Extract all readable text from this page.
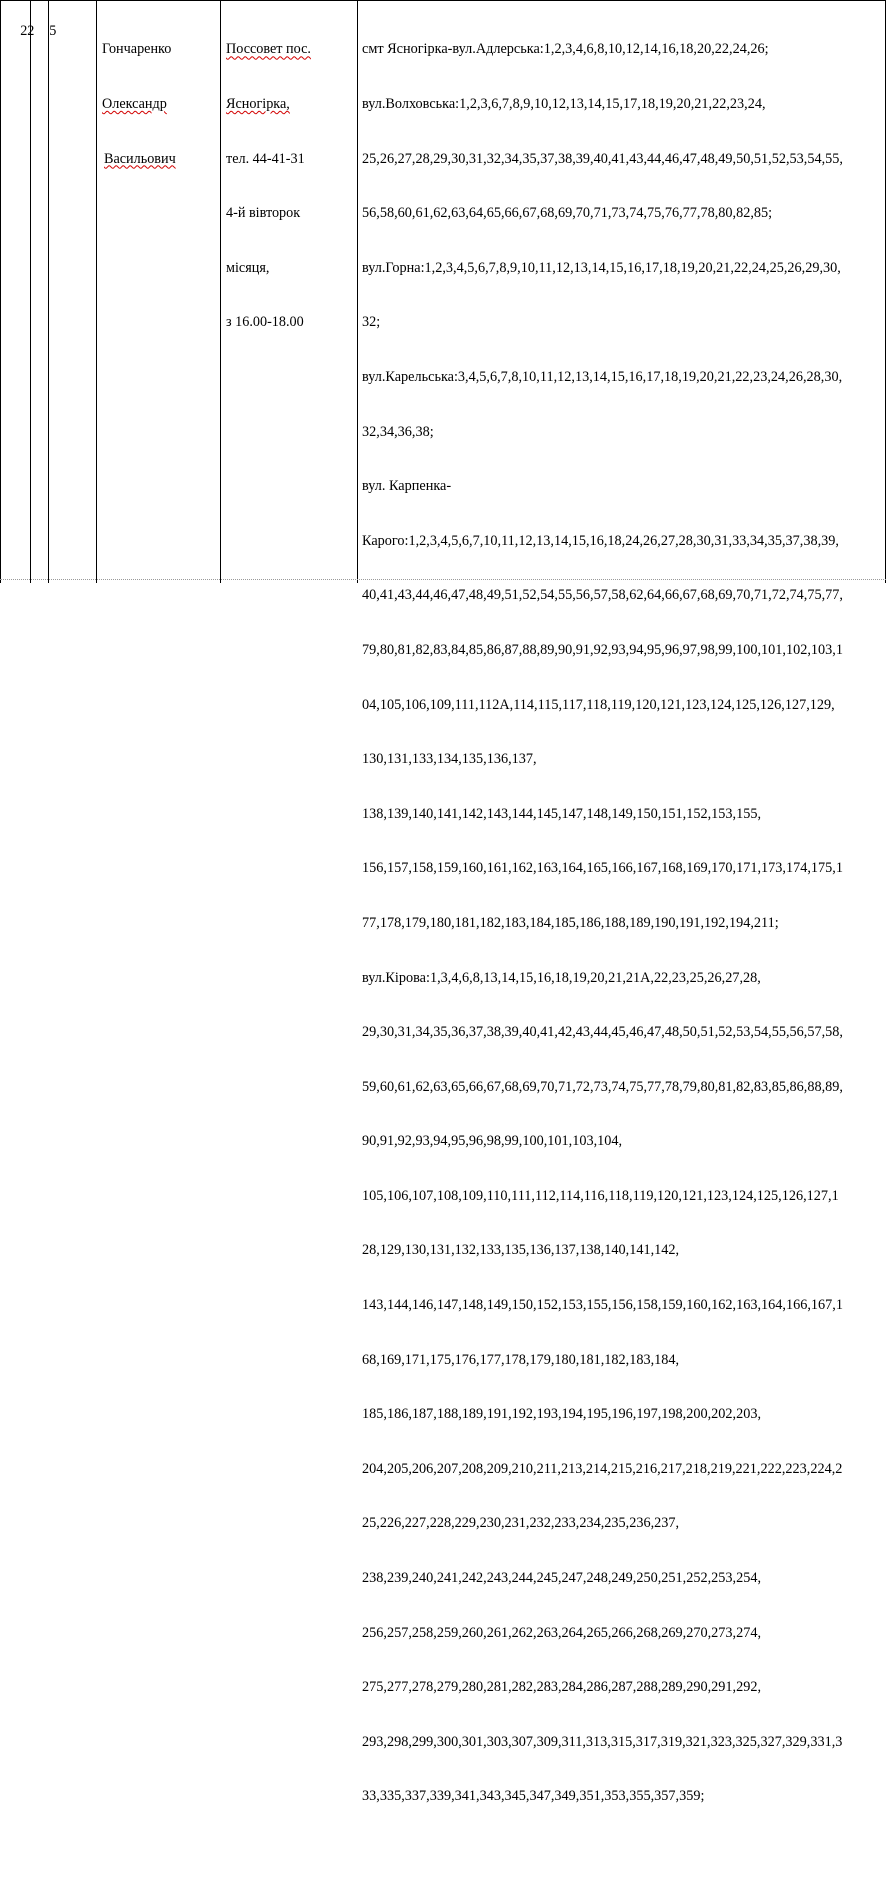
22
	5

Гончаренко

Олександр

Васильович

Поссовет пос.

Ясногірка,

тел. 44-41-31

4-й вівторок

місяця,

з 16.00-18.00

смт Ясногірка-вул.Адлерська:1,2,3,4,6,8,10,12,14,16,18,20,22,24,26;

вул.Волховська:1,2,3,6,7,8,9,10,12,13,14,15,17,18,19,20,21,22,23,24,

25,26,27,28,29,30,31,32,34,35,37,38,39,40,41,43,44,46,47,48,49,50,51,52,53,54,55,

56,58,60,61,62,63,64,65,66,67,68,69,70,71,73,74,75,76,77,78,80,82,85;

вул.Горна:1,2,3,4,5,6,7,8,9,10,11,12,13,14,15,16,17,18,19,20,21,22,24,25,26,29,30,

32;

вул.Карельська:3,4,5,6,7,8,10,11,12,13,14,15,16,17,18,19,20,21,22,23,24,26,28,30,

32,34,36,38;

вул. Карпенка-

Карого:1,2,3,4,5,6,7,10,11,12,13,14,15,16,18,24,26,27,28,30,31,33,34,35,37,38,39,

40,41,43,44,46,47,48,49,51,52,54,55,56,57,58,62,64,66,67,68,69,70,71,72,74,75,77,

79,80,81,82,83,84,85,86,87,88,89,90,91,92,93,94,95,96,97,98,99,100,101,102,103,1

04,105,106,109,111,112А,114,115,117,118,119,120,121,123,124,125,126,127,129,

130,131,133,134,135,136,137,

138,139,140,141,142,143,144,145,147,148,149,150,151,152,153,155,

156,157,158,159,160,161,162,163,164,165,166,167,168,169,170,171,173,174,175,1

77,178,179,180,181,182,183,184,185,186,188,189,190,191,192,194,211;

вул.Кірова:1,3,4,6,8,13,14,15,16,18,19,20,21,21А,22,23,25,26,27,28,

29,30,31,34,35,36,37,38,39,40,41,42,43,44,45,46,47,48,50,51,52,53,54,55,56,57,58,

59,60,61,62,63,65,66,67,68,69,70,71,72,73,74,75,77,78,79,80,81,82,83,85,86,88,89,

90,91,92,93,94,95,96,98,99,100,101,103,104,

105,106,107,108,109,110,111,112,114,116,118,119,120,121,123,124,125,126,127,1

28,129,130,131,132,133,135,136,137,138,140,141,142,

143,144,146,147,148,149,150,152,153,155,156,158,159,160,162,163,164,166,167,1

68,169,171,175,176,177,178,179,180,181,182,183,184,

185,186,187,188,189,191,192,193,194,195,196,197,198,200,202,203,

204,205,206,207,208,209,210,211,213,214,215,216,217,218,219,221,222,223,224,2

25,226,227,228,229,230,231,232,233,234,235,236,237,

238,239,240,241,242,243,244,245,247,248,249,250,251,252,253,254,

256,257,258,259,260,261,262,263,264,265,266,268,269,270,273,274,

275,277,278,279,280,281,282,283,284,286,287,288,289,290,291,292,

293,298,299,300,301,303,307,309,311,313,315,317,319,321,323,325,327,329,331,3

33,335,337,339,341,343,345,347,349,351,353,355,357,359;
